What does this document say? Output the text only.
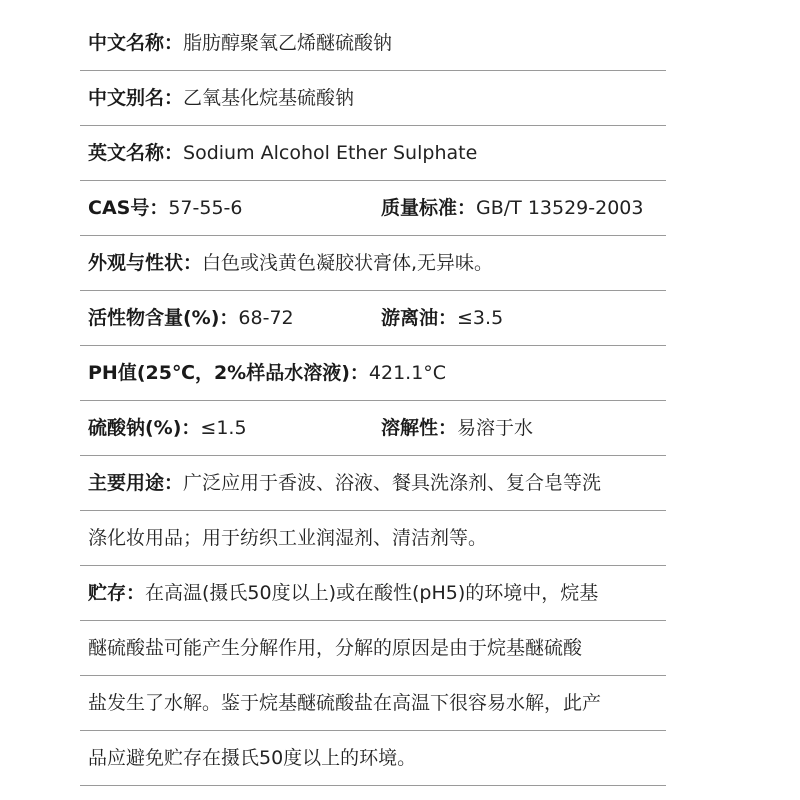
中文名称：脂肪醇聚氧乙烯醚硫酸钠
中文别名：乙氧基化烷基硫酸钠
英文名称：Sodium Alcohol Ether Sulphate
CAS号：57-55-6	质量标准：GB/T 13529-2003
外观与性状：白色或浅黄色凝胶状膏体,无异味。
活性物含量(%)：68-72	游离油：≤3.5
PH值(25℃，2%样品水溶液)：421.1°C
硫酸钠(%)：≤1.5	溶解性：易溶于水
主要用途：广泛应用于香波、浴液、餐具洗涤剂、复合皂等洗
涤化妆用品；用于纺织工业润湿剂、清洁剂等。
贮存：在高温(摄氏50度以上)或在酸性(pH5)的环境中，烷基
醚硫酸盐可能产生分解作用，分解的原因是由于烷基醚硫酸
盐发生了水解。鉴于烷基醚硫酸盐在高温下很容易水解，此产
品应避免贮存在摄氏50度以上的环境。
